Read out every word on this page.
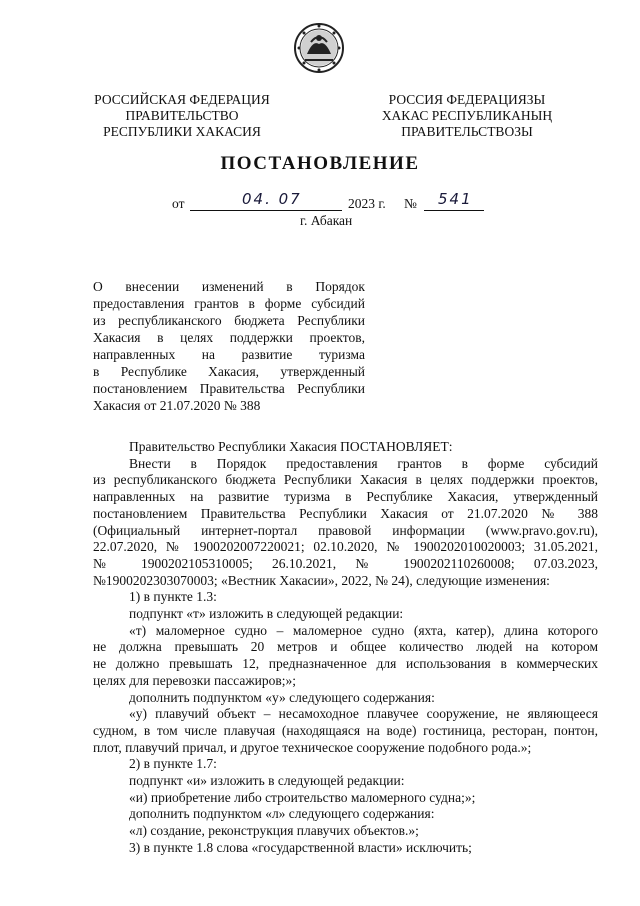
РОССИЙСКАЯ ФЕДЕРАЦИЯ
ПРАВИТЕЛЬСТВО
РЕСПУБЛИКИ ХАКАСИЯ
РОССИЯ ФЕДЕРАЦИЯЗЫ
ХАКАС РЕСПУБЛИКАНЫҢ
ПРАВИТЕЛЬСТВОЗЫ
ПОСТАНОВЛЕНИЕ
от	04. 07	2023 г. № 541
г. Абакан
О внесении изменений в Порядок
предоставления грантов в форме субсидий
из республиканского бюджета Республики
Хакасия в целях поддержки проектов,
направленных на развитие туризма
в Республике Хакасия, утвержденный
постановлением Правительства Республики
Хакасия от 21.07.2020 № 388
Правительство Республики Хакасия ПОСТАНОВЛЯЕТ:
Внести в Порядок предоставления грантов в форме субсидий
из республиканского бюджета Республики Хакасия в целях поддержки проектов,
направленных на развитие туризма в Республике Хакасия, утвержденный
постановлением Правительства Республики Хакасия от 21.07.2020 № 388
(Официальный интернет-портал правовой информации (www.pravo.gov.ru),
22.07.2020, № 1900202007220021; 02.10.2020, № 1900202010020003; 31.05.2021,
№ 1900202105310005; 26.10.2021, № 1900202110260008; 07.03.2023,
№1900202303070003; «Вестник Хакасии», 2022, № 24), следующие изменения:
1) в пункте 1.3:
подпункт «т» изложить в следующей редакции:
«т) маломерное судно – маломерное судно (яхта, катер), длина которого
не должна превышать 20 метров и общее количество людей на котором
не должно превышать 12, предназначенное для использования в коммерческих
целях для перевозки пассажиров;»;
дополнить подпунктом «у» следующего содержания:
«у) плавучий объект – несамоходное плавучее сооружение, не являющееся
судном, в том числе плавучая (находящаяся на воде) гостиница, ресторан, понтон,
плот, плавучий причал, и другое техническое сооружение подобного рода.»;
2) в пункте 1.7:
подпункт «и» изложить в следующей редакции:
«и) приобретение либо строительство маломерного судна;»;
дополнить подпунктом «л» следующего содержания:
«л) создание, реконструкция плавучих объектов.»;
3) в пункте 1.8 слова «государственной власти» исключить;
